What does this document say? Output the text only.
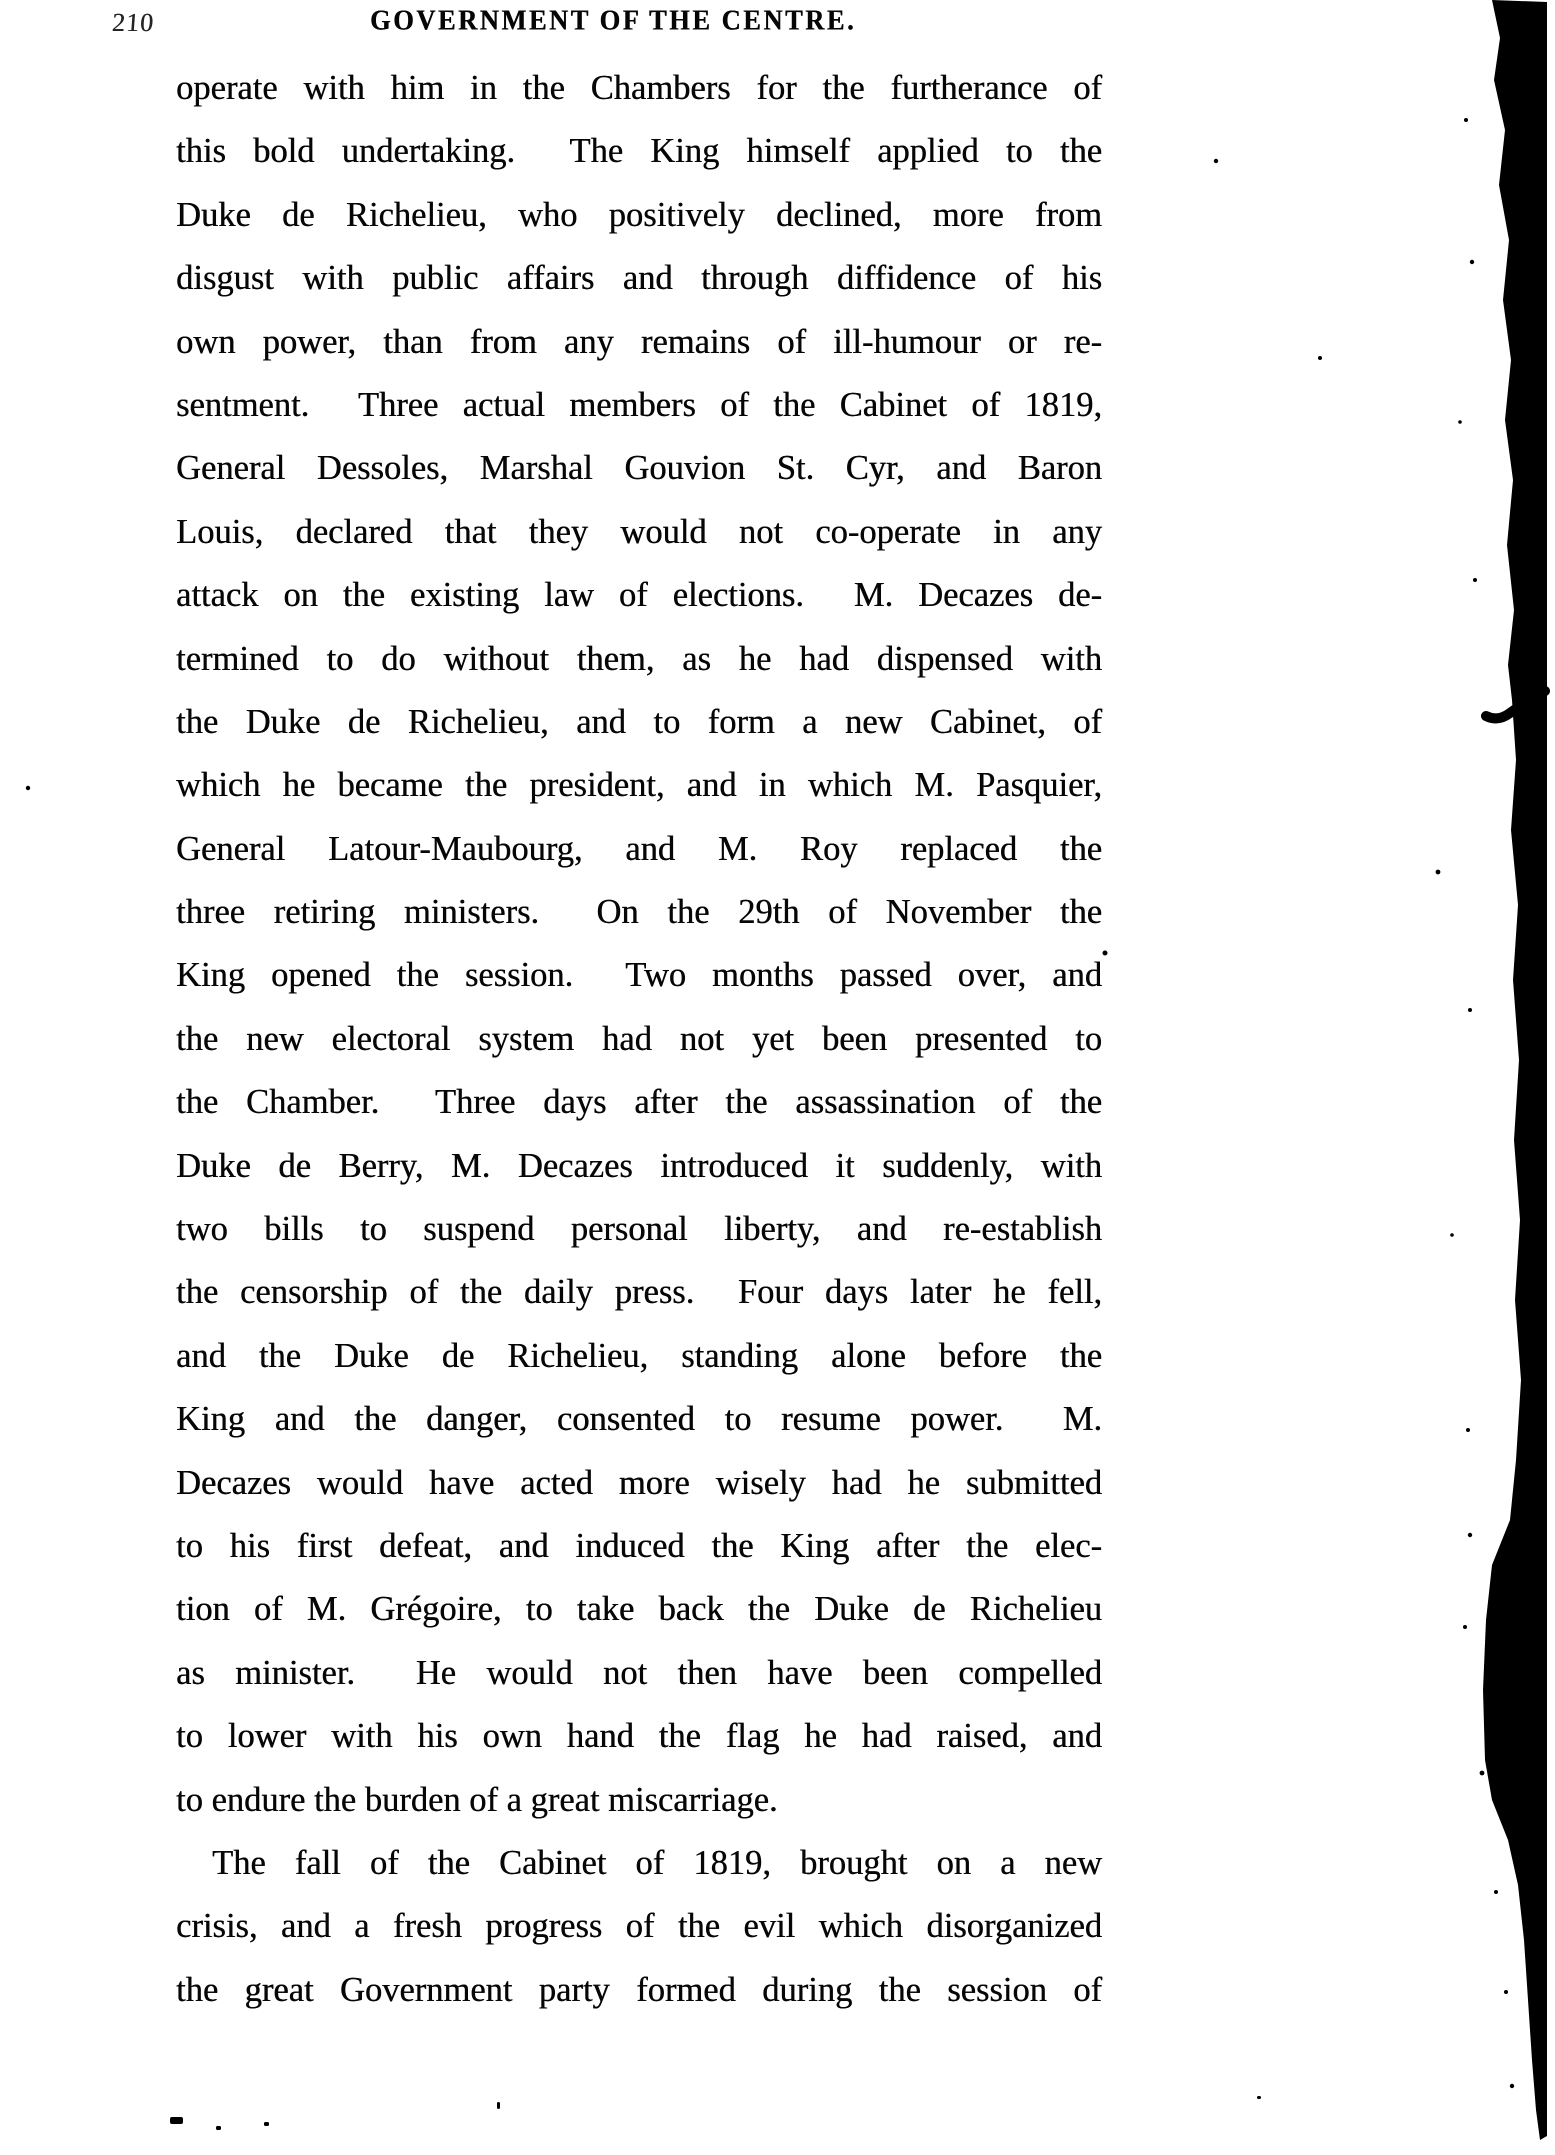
210	GOVERNMENT OF THE CENTRE.
operate with him in the Chambers for the furtherance of
this bold undertaking.  The King himself applied to the
Duke de Richelieu, who positively declined, more from
disgust with public affairs and through diffidence of his
own power, than from any remains of ill-humour or re-
sentment.  Three actual members of the Cabinet of 1819,
General Dessoles, Marshal Gouvion St. Cyr, and Baron
Louis, declared that they would not co-operate in any
attack on the existing law of elections.  M. Decazes de-
termined to do without them, as he had dispensed with
the Duke de Richelieu, and to form a new Cabinet, of
which he became the president, and in which M. Pasquier,
General Latour-Maubourg, and M. Roy replaced the
three retiring ministers.  On the 29th of November the
King opened the session.  Two months passed over, and
the new electoral system had not yet been presented to
the Chamber.  Three days after the assassination of the
Duke de Berry, M. Decazes introduced it suddenly, with
two bills to suspend personal liberty, and re-establish
the censorship of the daily press.  Four days later he fell,
and the Duke de Richelieu, standing alone before the
King and the danger, consented to resume power.  M.
Decazes would have acted more wisely had he submitted
to his first defeat, and induced the King after the elec-
tion of M. Grégoire, to take back the Duke de Richelieu
as minister.  He would not then have been compelled
to lower with his own hand the flag he had raised, and
to endure the burden of a great miscarriage.
The fall of the Cabinet of 1819, brought on a new
crisis, and a fresh progress of the evil which disorganized
the great Government party formed during the session of
